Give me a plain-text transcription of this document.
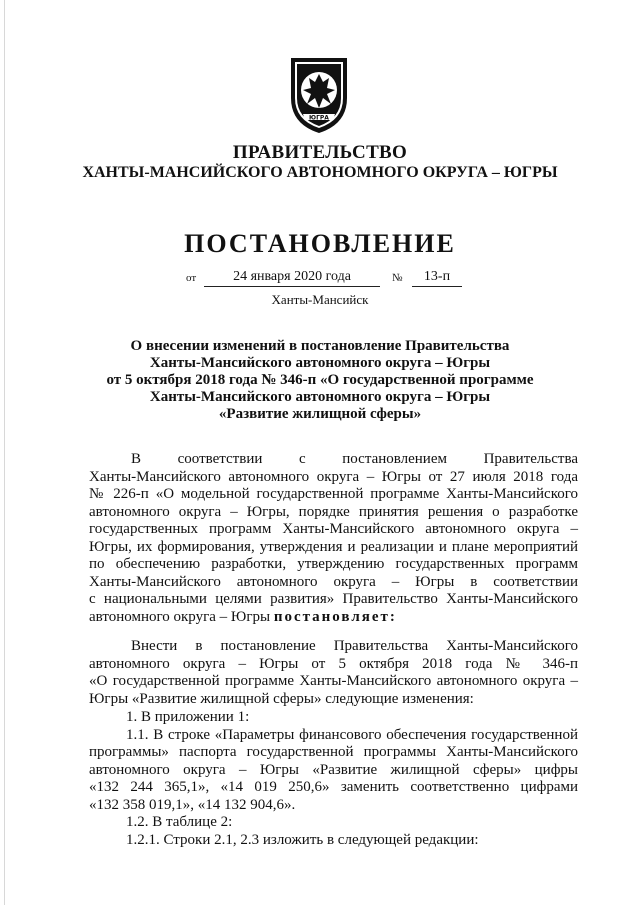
ЮГРА
ПРАВИТЕЛЬСТВО
ХАНТЫ-МАНСИЙСКОГО АВТОНОМНОГО ОКРУГА – ЮГРЫ
ПОСТАНОВЛЕНИЕ
от	24 января 2020 года	№	13-п
Ханты-Мансийск
О внесении изменений в постановление Правительства
Ханты-Мансийского автономного округа – Югры
от 5 октября 2018 года № 346-п «О государственной программе
Ханты-Мансийского автономного округа – Югры
«Развитие жилищной сферы»

В соответствии с постановлением Правительства

Ханты-Мансийского автономного округа – Югры от 27 июля 2018 года

№ 226-п «О модельной государственной программе Ханты-Мансийского

автономного округа – Югры, порядке принятия решения о разработке

государственных программ Ханты-Мансийского автономного округа –

Югры, их формирования, утверждения и реализации и плане мероприятий

по обеспечению разработки, утверждению государственных программ

Ханты-Мансийского автономного округа – Югры в соответствии

с национальными целями развития» Правительство Ханты-Мансийского

автономного округа – Югры постановляет:

Внести в постановление Правительства Ханты-Мансийского

автономного округа – Югры от 5 октября 2018 года № 346-п

«О государственной программе Ханты-Мансийского автономного округа –

Югры «Развитие жилищной сферы» следующие изменения:

1. В приложении 1:

1.1. В строке «Параметры финансового обеспечения государственной

программы» паспорта государственной программы Ханты-Мансийского

автономного округа – Югры «Развитие жилищной сферы» цифры

«132 244 365,1», «14 019 250,6» заменить соответственно цифрами

«132 358 019,1», «14 132 904,6».

1.2. В таблице 2:

1.2.1. Строки 2.1, 2.3 изложить в следующей редакции:
